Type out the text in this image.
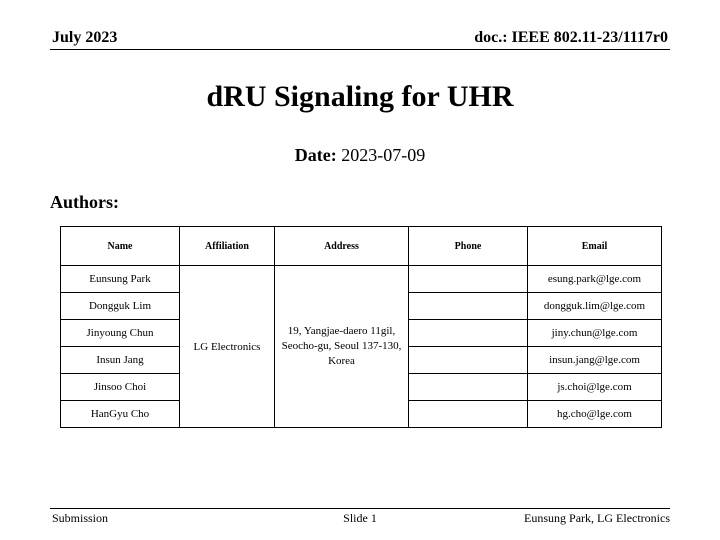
July 2023	doc.: IEEE 802.11-23/1117r0
dRU Signaling for UHR
Date: 2023-07-09
Authors:
Name	Affiliation	Address	Phone	Email
Eunsung Park	LG Electronics	19, Yangjae-daero 11gil, Seocho-gu, Seoul 137-130, Korea		esung.park@lge.com
Dongguk Lim				dongguk.lim@lge.com
Jinyoung Chun				jiny.chun@lge.com
Insun Jang				insun.jang@lge.com
Jinsoo Choi				js.choi@lge.com
HanGyu Cho				hg.cho@lge.com
Submission	Slide 1	Eunsung Park, LG Electronics
